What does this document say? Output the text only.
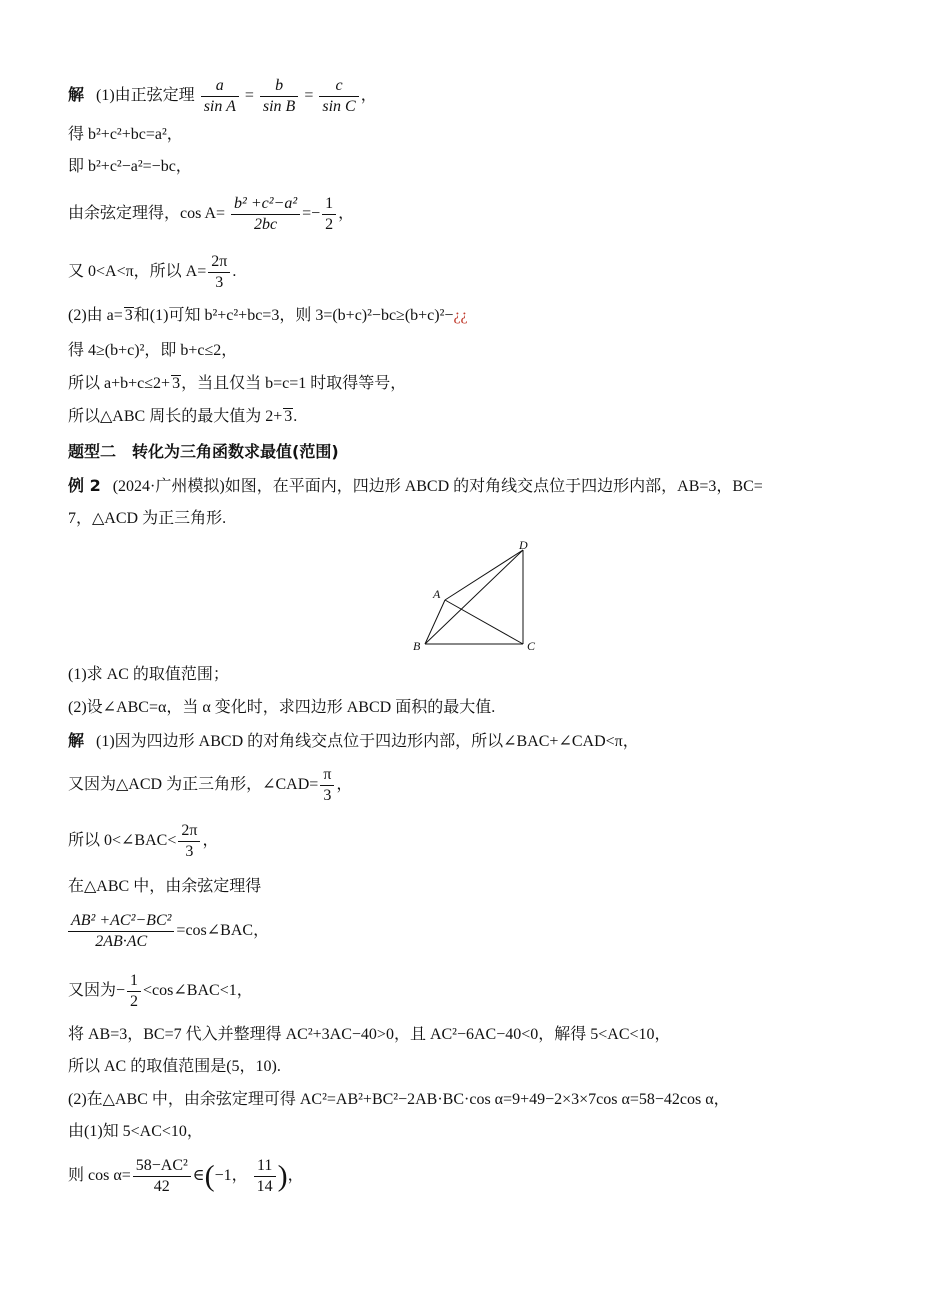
解 (1)由正弦定理 $\frac{a}{\text{sin A}} = \frac{b}{\text{sin B}} = \frac{c}{\text{sin C}}$ ，
得 b²+c²+bc=a²，
即 b²+c²−a²=−bc，
由余弦定理得，$\cos A= \frac{\text{b² +c²−a²}}{2bc} =- \frac{1}{2}$ ，
又 0<A<π，所以 $A= \frac{2\pi}{3}$ .
(2)由 a= 3和(1)可知 b²+c²+bc=3，则 3=(b+c)²−bc≥(b+c)²−¿¿
得 4≥(b+c)²，即 b+c≤2，
所以 a+b+c≤2+ 3，当且仅当 b=c=1 时取得等号，
所以△ABC 周长的最大值为 2+ 3.
题型二　转化为三角函数求最值(范围)
例 2 (2024·广州模拟)如图，在平面内，四边形 ABCD 的对角线交点位于四边形内部，AB=3，BC=
7，△ACD 为正三角形.
A
B	C
D
(1)求 AC 的取值范围；
(2)设∠ABC=α，当 α 变化时，求四边形 ABCD 面积的最大值.
解 (1)因为四边形 ABCD 的对角线交点位于四边形内部，所以∠BAC+∠CAD<π，
又因为△ACD 为正三角形，∠CAD= $\frac{\pi}{3}$ ，
所以 0<∠BAC< $\frac{2\pi}{3}$ ，
在△ABC 中，由余弦定理得
$\frac{\text{AB² +AC²−BC²}}{2AB\cdot AC}$ =cos∠BAC，
又因为− $\frac{1}{2}$ <cos∠BAC<1，
将 AB=3，BC=7 代入并整理得 AC²+3AC−40>0，且 AC²−6AC−40<0，解得 5<AC<10，
所以 AC 的取值范围是(5，10).
(2)在△ABC 中，由余弦定理可得 AC²=AB²+BC²−2AB·BC·cos α=9+49−2×3×7cos α=58−42cos α，
由(1)知 5<AC<10，
则 $\cos \alpha= \frac{\text{58−AC²}}{42}$ ∈(−1， $\frac{11}{14}$ )，
